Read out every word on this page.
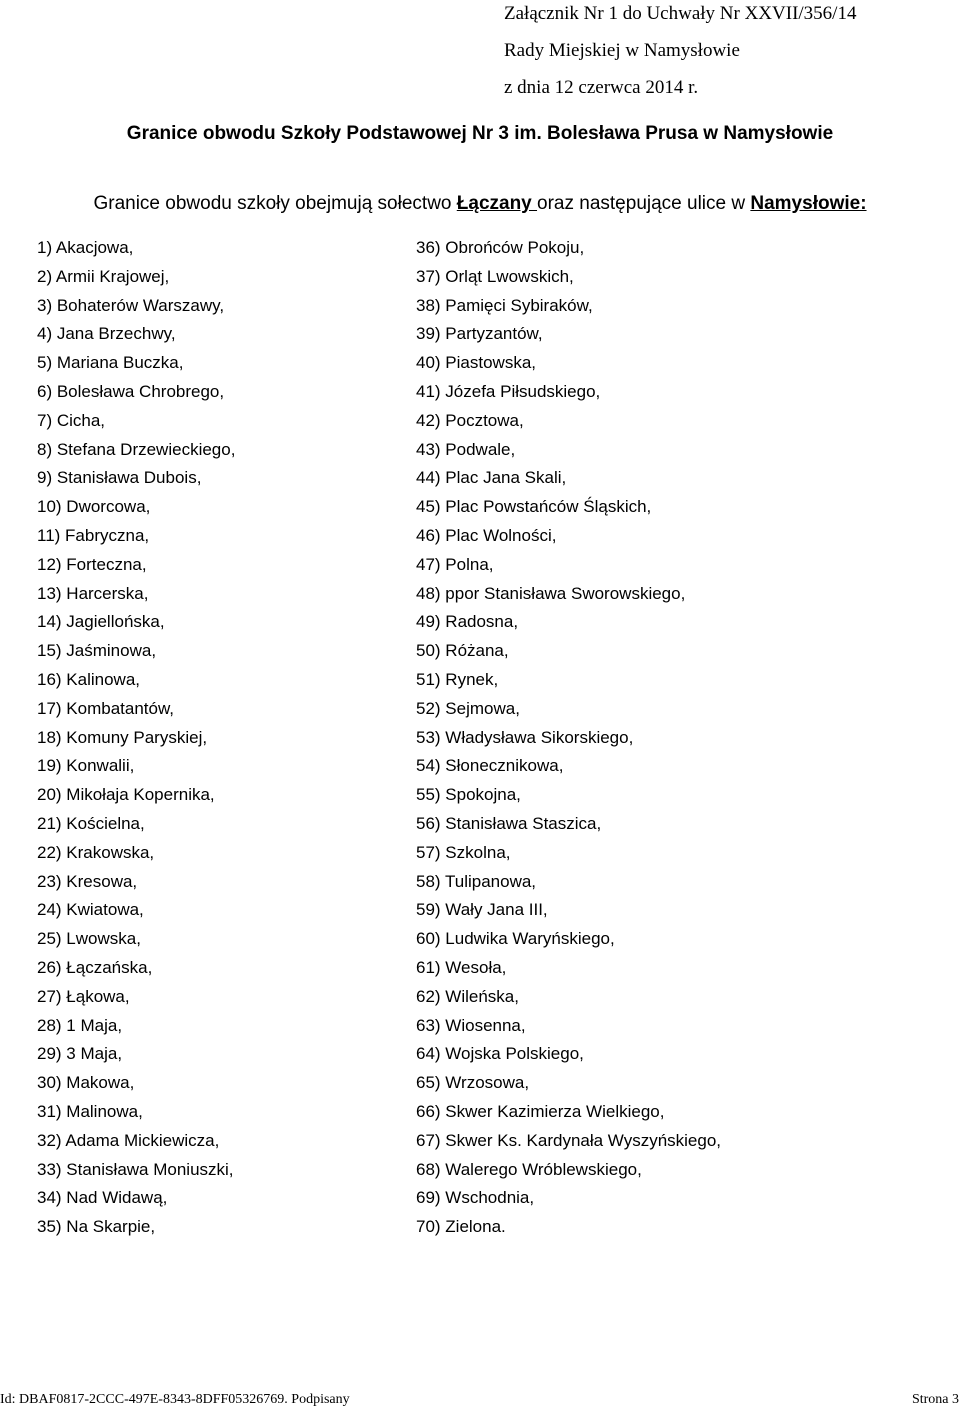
Załącznik Nr 1 do Uchwały Nr XXVII/356/14
Rady Miejskiej w Namysłowie
z dnia 12 czerwca 2014 r.
Granice obwodu Szkoły Podstawowej Nr 3 im. Bolesława Prusa w Namysłowie
Granice obwodu szkoły obejmują sołectwo Łączany oraz następujące ulice w Namysłowie:
1) Akacjowa,
2) Armii Krajowej,
3) Bohaterów Warszawy,
4) Jana Brzechwy,
5) Mariana Buczka,
6) Bolesława Chrobrego,
7) Cicha,
8) Stefana Drzewieckiego,
9) Stanisława Dubois,
10) Dworcowa,
11) Fabryczna,
12) Forteczna,
13) Harcerska,
14) Jagiellońska,
15) Jaśminowa,
16) Kalinowa,
17) Kombatantów,
18) Komuny Paryskiej,
19) Konwalii,
20) Mikołaja Kopernika,
21) Kościelna,
22) Krakowska,
23) Kresowa,
24) Kwiatowa,
25) Lwowska,
26) Łączańska,
27) Łąkowa,
28) 1 Maja,
29) 3 Maja,
30) Makowa,
31) Malinowa,
32) Adama Mickiewicza,
33) Stanisława Moniuszki,
34) Nad Widawą,
35) Na Skarpie,
36) Obrońców Pokoju,
37) Orląt Lwowskich,
38) Pamięci Sybiraków,
39) Partyzantów,
40) Piastowska,
41) Józefa Piłsudskiego,
42) Pocztowa,
43) Podwale,
44) Plac Jana Skali,
45) Plac Powstańców Śląskich,
46) Plac Wolności,
47) Polna,
48) ppor Stanisława Sworowskiego,
49) Radosna,
50) Różana,
51) Rynek,
52) Sejmowa,
53) Władysława Sikorskiego,
54) Słonecznikowa,
55) Spokojna,
56) Stanisława Staszica,
57) Szkolna,
58) Tulipanowa,
59) Wały Jana III,
60) Ludwika Waryńskiego,
61) Wesoła,
62) Wileńska,
63) Wiosenna,
64) Wojska Polskiego,
65) Wrzosowa,
66) Skwer Kazimierza Wielkiego,
67) Skwer Ks. Kardynała Wyszyńskiego,
68) Walerego Wróblewskiego,
69) Wschodnia,
70) Zielona.
Id: DBAF0817-2CCC-497E-8343-8DFF05326769. Podpisany	Strona 3
